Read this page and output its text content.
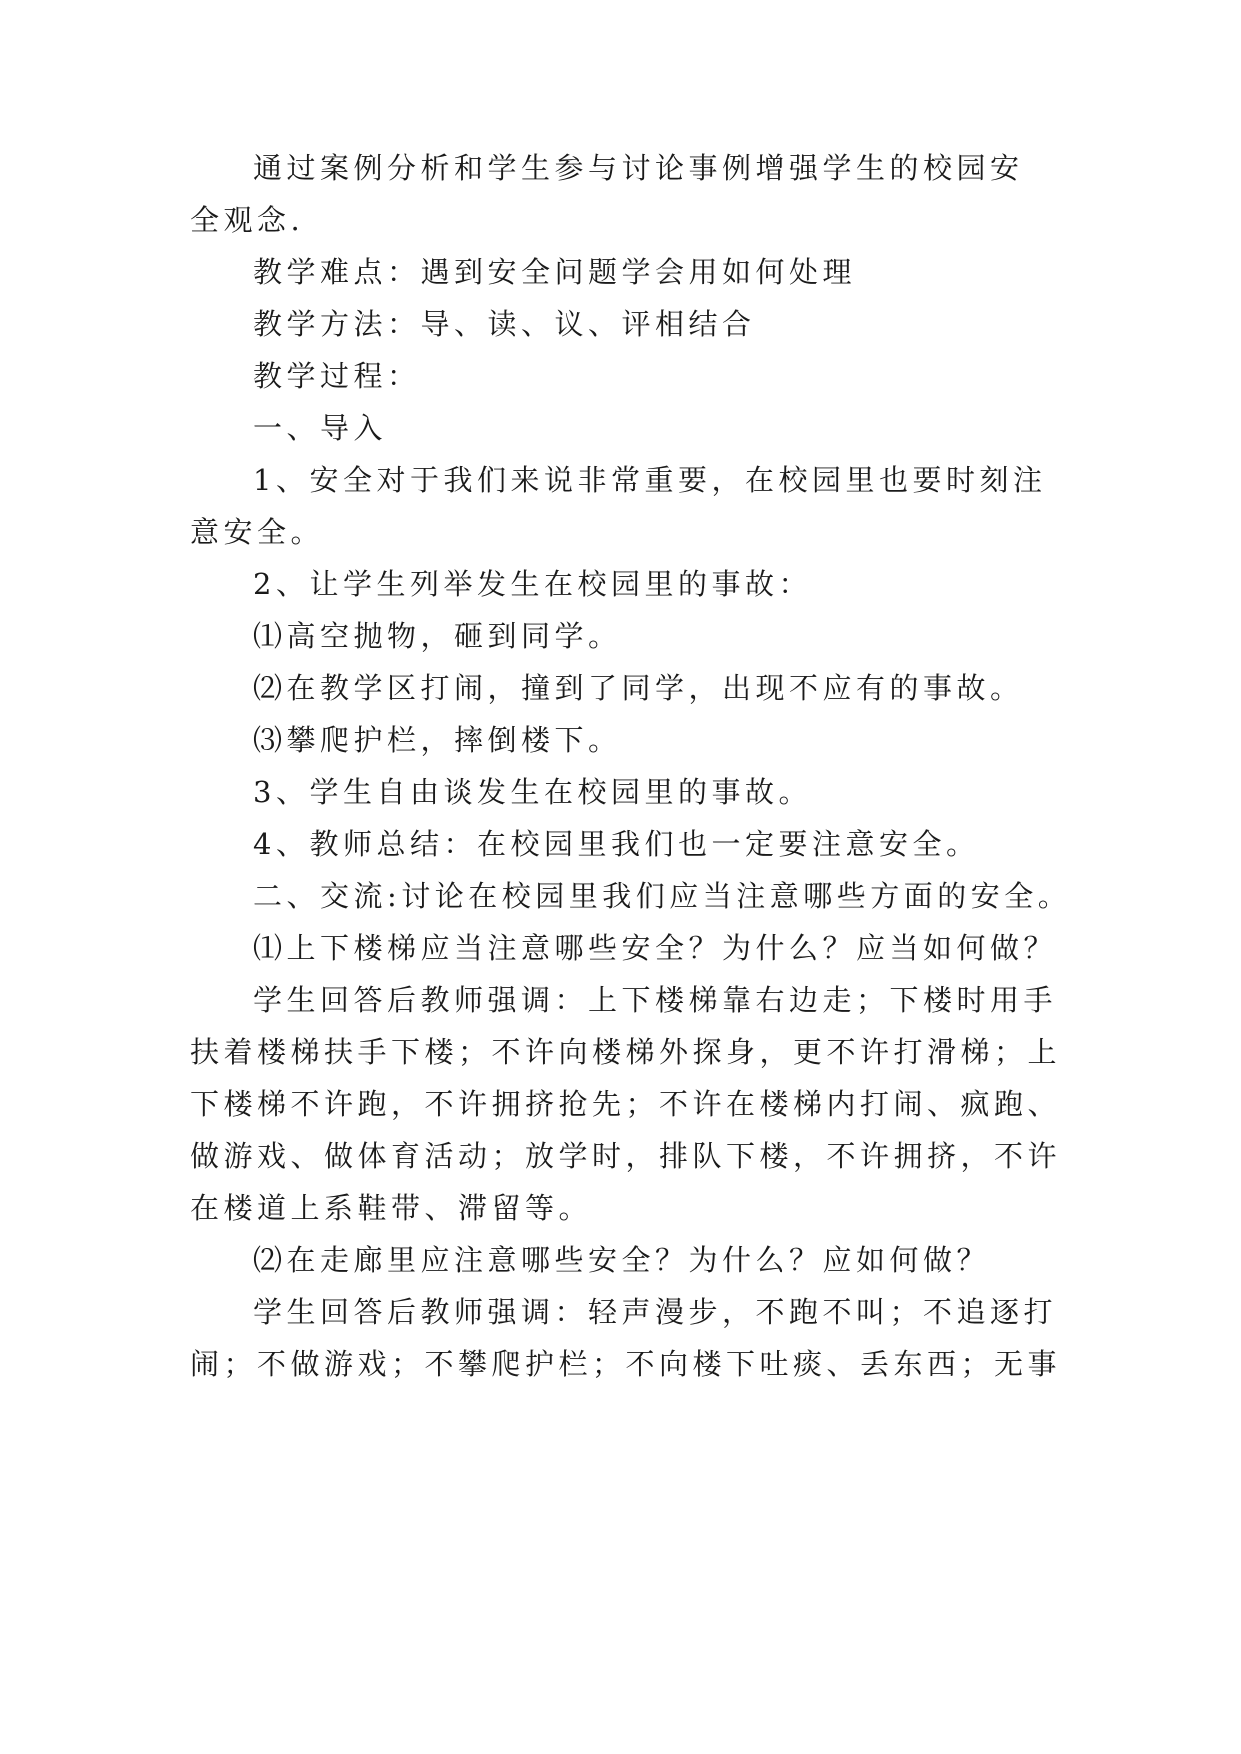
通过案例分析和学生参与讨论事例增强学生的校园安
全观念.
教学难点：遇到安全问题学会用如何处理
教学方法：导、读、议、评相结合
教学过程：
一、导入
1、安全对于我们来说非常重要，在校园里也要时刻注
意安全。
2、让学生列举发生在校园里的事故：
⑴高空抛物，砸到同学。
⑵在教学区打闹，撞到了同学，出现不应有的事故。
⑶攀爬护栏，摔倒楼下。
3、学生自由谈发生在校园里的事故。
4、教师总结：在校园里我们也一定要注意安全。
二、交流:讨论在校园里我们应当注意哪些方面的安全。
⑴上下楼梯应当注意哪些安全？为什么？应当如何做？
学生回答后教师强调：上下楼梯靠右边走；下楼时用手
扶着楼梯扶手下楼；不许向楼梯外探身，更不许打滑梯；上
下楼梯不许跑，不许拥挤抢先；不许在楼梯内打闹、疯跑、
做游戏、做体育活动；放学时，排队下楼，不许拥挤，不许
在楼道上系鞋带、滞留等。
⑵在走廊里应注意哪些安全？为什么？应如何做？
学生回答后教师强调：轻声漫步，不跑不叫；不追逐打
闹；不做游戏；不攀爬护栏；不向楼下吐痰、丢东西；无事
